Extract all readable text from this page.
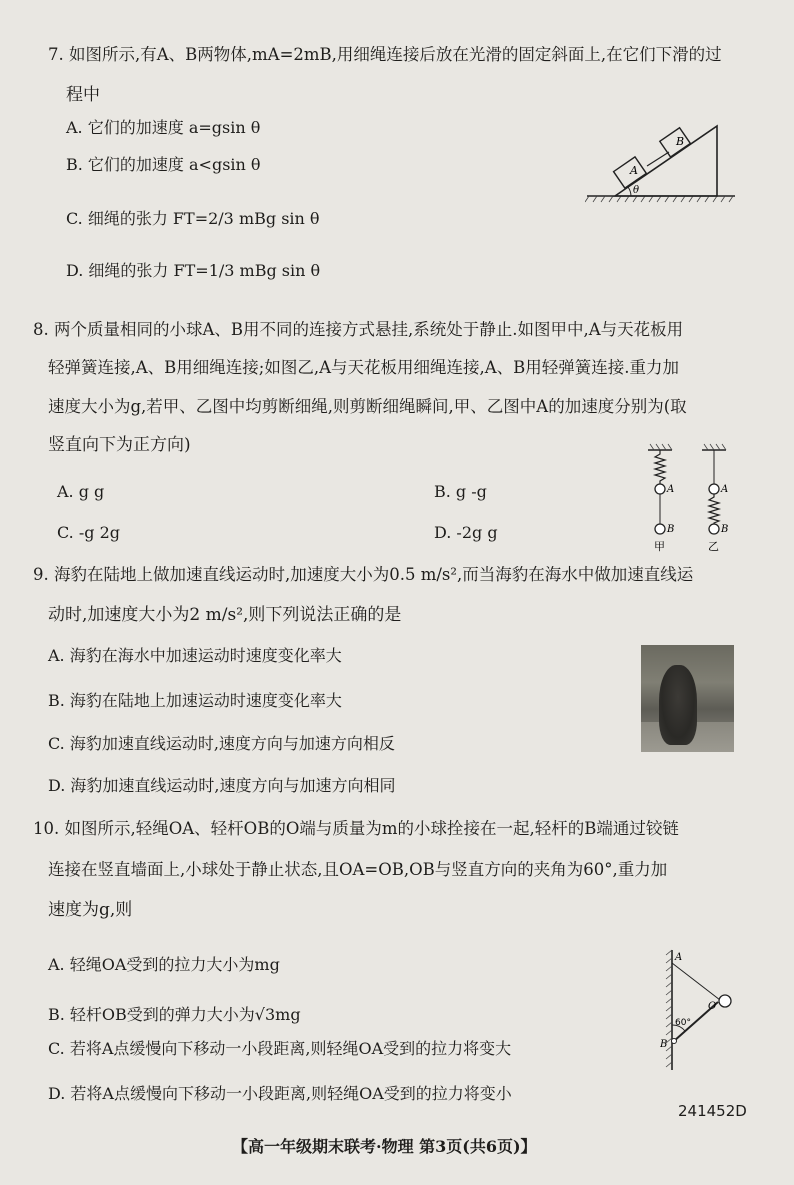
7. 如图所示,有A、B两物体,mA=2mB,用细绳连接后放在光滑的固定斜面上,在它们下滑的过
程中
A. 它们的加速度 a=gsin θ
B. 它们的加速度 a<gsin θ
C. 细绳的张力 FT=2/3 mBg sin θ
D. 细绳的张力 FT=1/3 mBg sin θ
A
B
θ
8. 两个质量相同的小球A、B用不同的连接方式悬挂,系统处于静止.如图甲中,A与天花板用
轻弹簧连接,A、B用细绳连接;如图乙,A与天花板用细绳连接,A、B用轻弹簧连接.重力加
速度大小为g,若甲、乙图中均剪断细绳,则剪断细绳瞬间,甲、乙图中A的加速度分别为(取
竖直向下为正方向)
A. g g	B. g -g
C. -g 2g	D. -2g g
A
B
A
B
甲	乙
9. 海豹在陆地上做加速直线运动时,加速度大小为0.5 m/s²,而当海豹在海水中做加速直线运
动时,加速度大小为2 m/s²,则下列说法正确的是
A. 海豹在海水中加速运动时速度变化率大
B. 海豹在陆地上加速运动时速度变化率大
C. 海豹加速直线运动时,速度方向与加速方向相反
D. 海豹加速直线运动时,速度方向与加速方向相同
10. 如图所示,轻绳OA、轻杆OB的O端与质量为m的小球拴接在一起,轻杆的B端通过铰链
连接在竖直墙面上,小球处于静止状态,且OA=OB,OB与竖直方向的夹角为60°,重力加
速度为g,则
A. 轻绳OA受到的拉力大小为mg
B. 轻杆OB受到的弹力大小为√3mg
C. 若将A点缓慢向下移动一小段距离,则轻绳OA受到的拉力将变大
D. 若将A点缓慢向下移动一小段距离,则轻绳OA受到的拉力将变小
A
B
O
60°
241452D
【高一年级期末联考·物理 第3页(共6页)】
